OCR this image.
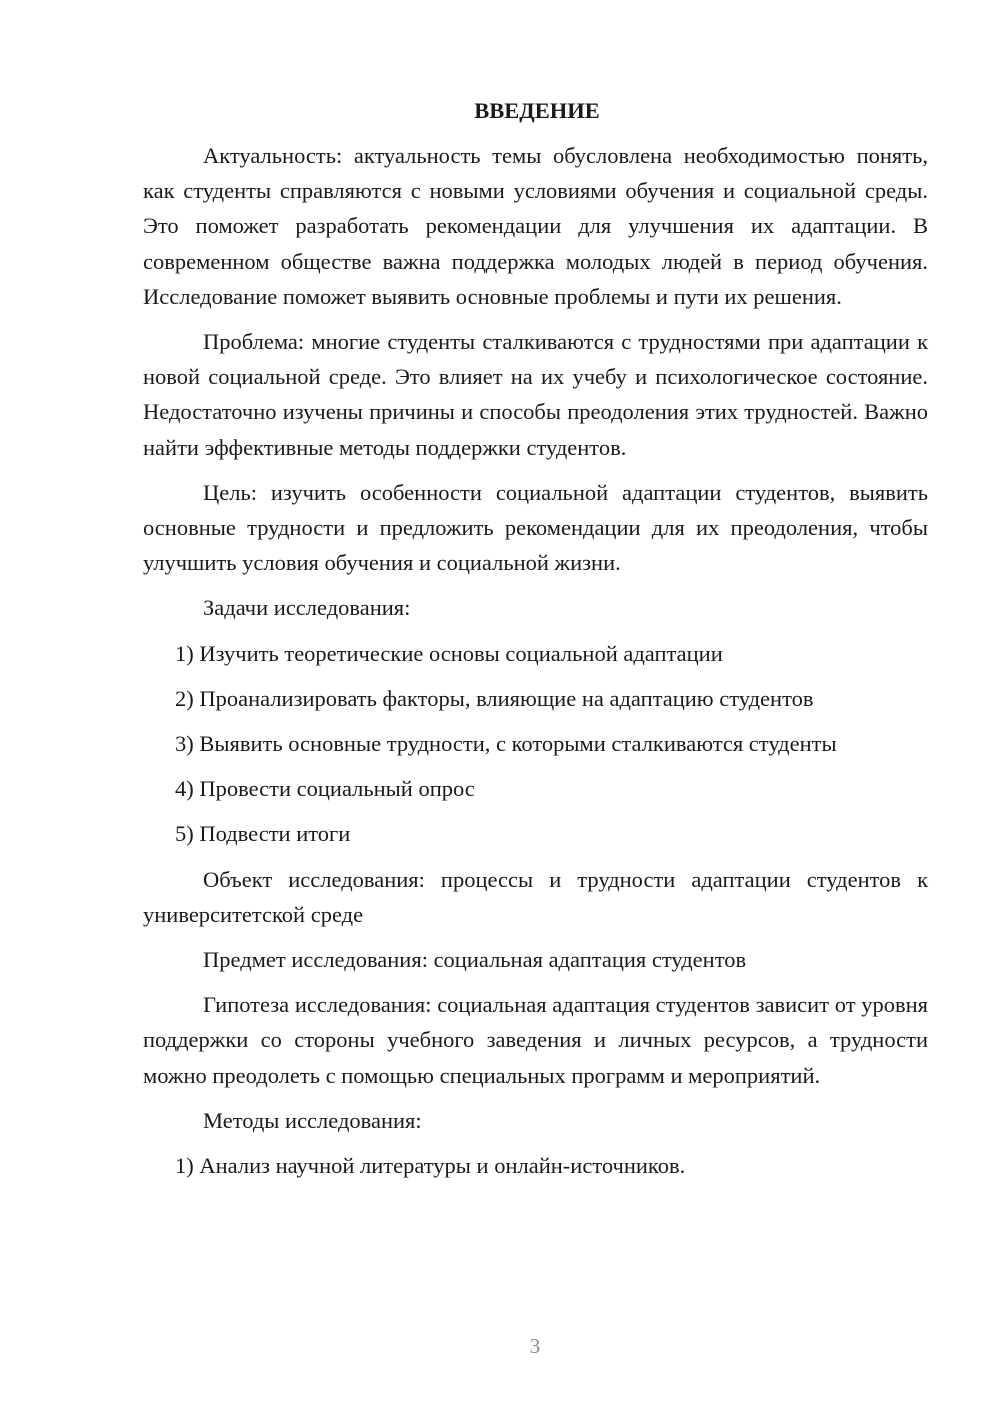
ВВЕДЕНИЕ

Актуальность: актуальность темы обусловлена необходимостью понять, как студенты справляются с новыми условиями обучения и социальной среды. Это поможет разработать рекомендации для улучшения их адаптации. В современном обществе важна поддержка молодых людей в период обучения. Исследование поможет выявить основные проблемы и пути их решения.

Проблема: многие студенты сталкиваются с трудностями при адаптации к новой социальной среде. Это влияет на их учебу и психологическое состояние. Недостаточно изучены причины и способы преодоления этих трудностей. Важно найти эффективные методы поддержки студентов.

Цель: изучить особенности социальной адаптации студентов, выявить основные трудности и предложить рекомендации для их преодоления, чтобы улучшить условия обучения и социальной жизни.

Задачи исследования:

1) Изучить теоретические основы социальной адаптации

2) Проанализировать факторы, влияющие на адаптацию студентов

3) Выявить основные трудности, с которыми сталкиваются студенты

4) Провести социальный опрос

5) Подвести итоги

Объект исследования: процессы и трудности адаптации студентов к университетской среде

Предмет исследования: социальная адаптация студентов

Гипотеза исследования: социальная адаптация студентов зависит от уровня поддержки со стороны учебного заведения и личных ресурсов, а трудности можно преодолеть с помощью специальных программ и мероприятий.

Методы исследования:

1) Анализ научной литературы и онлайн-источников.

3
